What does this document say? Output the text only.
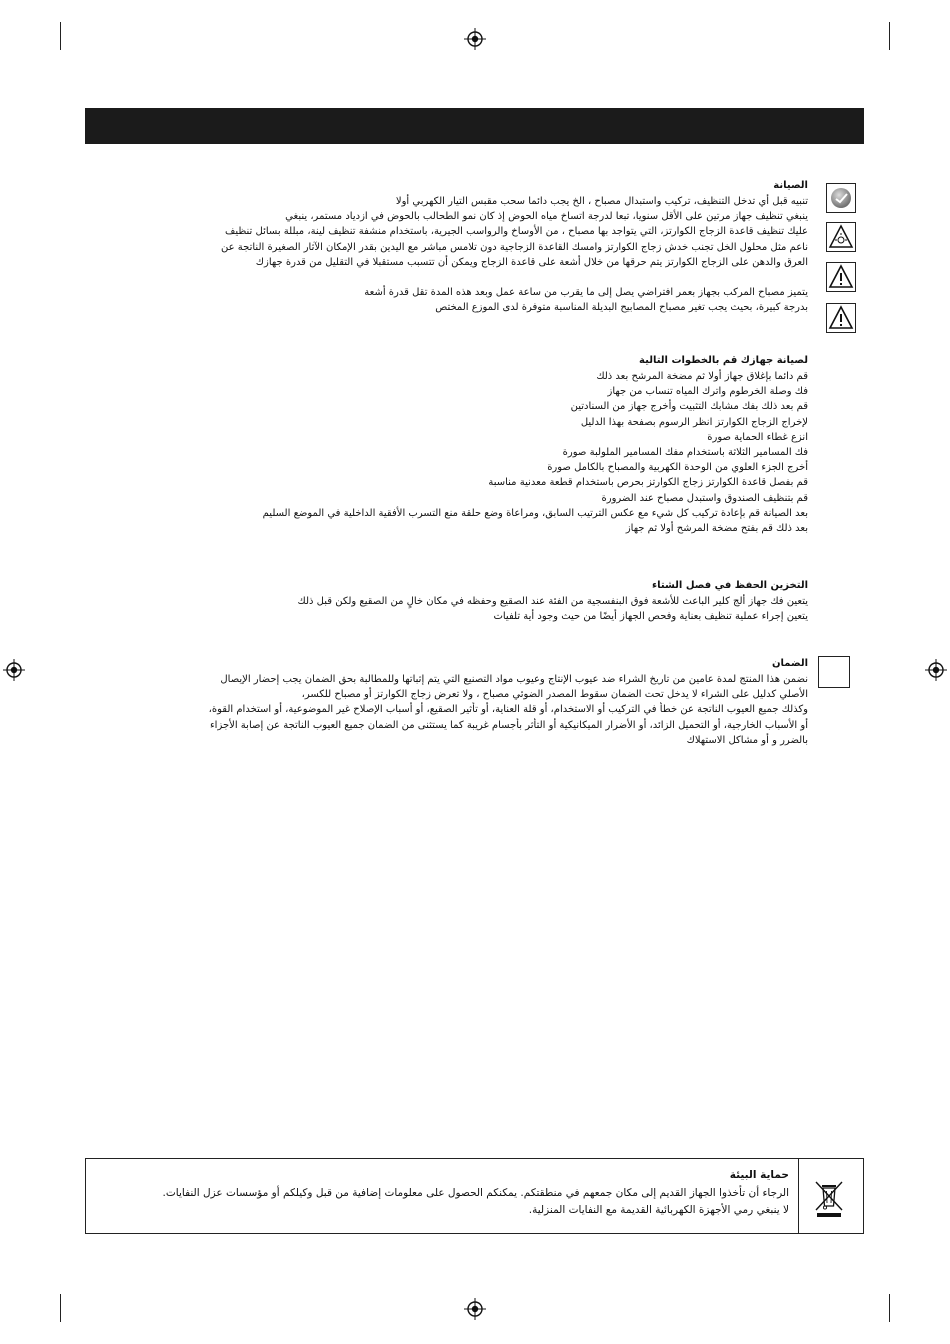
الصيانة

تنبيه قبل أي تدخل التنظيف، تركيب واستبدال مصباح ، الخ يجب دائما سحب مقبس التيار الكهربي أولا

ينبغي تنظيف جهاز مرتين على الأقل سنويا، تبعا لدرجة اتساخ مياه الحوض إذ كان نمو الطحالب بالحوض في ازدياد مستمر، ينبغي

عليك تنظيف قاعدة الزجاج الكوارتز، التي يتواجد بها مصباح ، من الأوساخ والرواسب الجيرية، باستخدام منشفة تنظيف لينة، مبللة بسائل تنظيف

ناعم مثل محلول الخل تجنب خدش زجاج الكوارتز وامسك القاعدة الزجاجية دون تلامس مباشر مع اليدين بقدر الإمكان الآثار الصغيرة الناتجة عن

العرق والدهن على الزجاج الكوارتز يتم حرقها من خلال أشعة على قاعدة الزجاج ويمكن أن تتسبب مستقبلا في التقليل من قدرة جهازك

يتميز مصباح المركب بجهاز بعمر افتراضي يصل إلى ما يقرب من ساعة عمل وبعد هذه المدة تقل قدرة أشعة

بدرجة كبيرة، بحيث يجب تغير مصباح المصابيح البديلة المناسبة متوفرة لدى الموزع المختص

لصيانة جهازك قم بالخطوات التالية

قم دائما بإغلاق جهاز أولا ثم مضخة المرشح بعد ذلك

فك وصلة الخرطوم واترك المياه تنساب من جهاز

قم بعد ذلك بفك مشابك التثبيت وأخرج جهاز من السنادتين

لإخراج الزجاج الكوارتز انظر الرسوم بصفحة بهذا الدليل

انزع غطاء الحماية صورة

فك المسامير الثلاثة باستخدام مفك المسامير الملولبة صورة

أخرج الجزء العلوي من الوحدة الكهربية والمصباح بالكامل صورة

قم بفصل قاعدة الكوارتز زجاج الكوارتز بحرص باستخدام قطعة معدنية مناسبة

قم بتنظيف الصندوق واستبدل مصباح عند الضرورة

بعد الصيانة قم بإعادة تركيب كل شيء مع عكس الترتيب السابق، ومراعاة وضع حلقة منع التسرب الأفقية الداخلية في الموضع السليم

بعد ذلك قم بفتح مضخة المرشح أولا ثم جهاز

التخزين الحفظ في فصل الشتاء

يتعين فك جهاز ألج كلير الباعث للأشعة فوق البنفسجية من الفئة عند الصقيع وحفظه في مكان خالٍ من الصقيع ولكن قبل ذلك

يتعين إجراء عملية تنظيف بعناية وفحص الجهاز أيضًا من حيث وجود أية تلفيات

الضمان

نضمن هذا المنتج لمدة عامين من تاريخ الشراء ضد عيوب الإنتاج وعيوب مواد التصنيع التي يتم إثباتها وللمطالبة بحق الضمان يجب إحضار الإيصال

الأصلي كدليل على الشراء لا يدخل تحت الضمان سقوط المصدر الضوئي مصباح ، ولا تعرض زجاج الكوارتز أو مصباح للكسر،

وكذلك جميع العيوب الناتجة عن خطأ في التركيب أو الاستخدام، أو قلة العناية، أو تأثير الصقيع، أو أسباب الإصلاح غير الموضوعية، أو استخدام القوة،

أو الأسباب الخارجية، أو التحميل الزائد، أو الأضرار الميكانيكية أو التأثر بأجسام غريبة كما يستثنى من الضمان جميع العيوب الناتجة عن إصابة الأجزاء

بالضرر و أو مشاكل الاستهلاك

حماية البيئة

الرجاء أن تأخذوا الجهاز القديم إلى مكان جمعهم في منطقتكم. يمكنكم الحصول على معلومات إضافية من قبل وكيلكم أو مؤسسات عزل النفايات.

لا ينبغي رمي الأجهزة الكهربائية القديمة مع النفايات المنزلية.
